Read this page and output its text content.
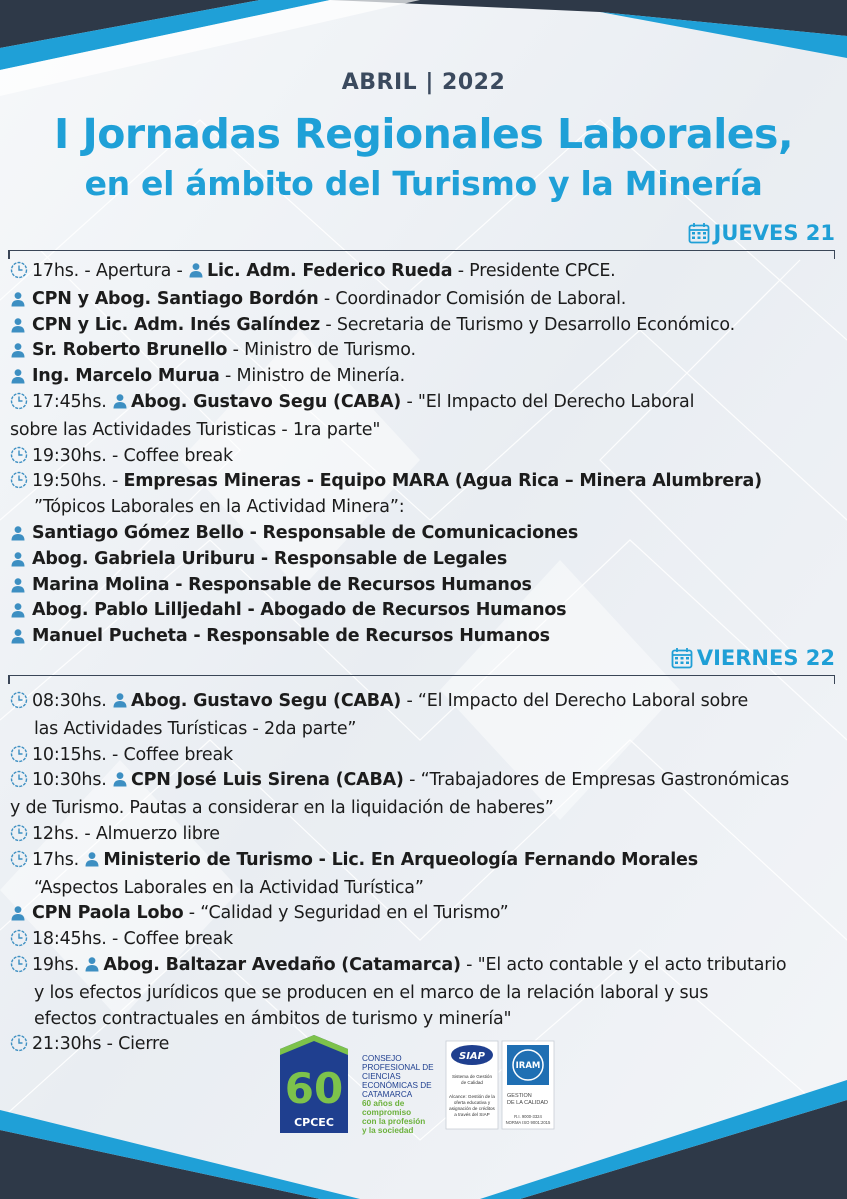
ABRIL | 2022
I Jornadas Regionales Laborales,
en el ámbito del Turismo y la Minería
JUEVES 21
17hs. - Apertura - Lic. Adm. Federico Rueda - Presidente CPCE.
CPN y Abog. Santiago Bordón - Coordinador Comisión de Laboral.
CPN y Lic. Adm. Inés Galíndez - Secretaria de Turismo y Desarrollo Económico.
Sr. Roberto Brunello - Ministro de Turismo.
Ing. Marcelo Murua - Ministro de Minería.
17:45hs. Abog. Gustavo Segu (CABA) - "El Impacto del Derecho Laboral
sobre las Actividades Turisticas - 1ra parte"
19:30hs. - Coffee break
19:50hs. - Empresas Mineras - Equipo MARA (Agua Rica – Minera Alumbrera)
”Tópicos Laborales en la Actividad Minera”:
Santiago Gómez Bello - Responsable de Comunicaciones
Abog. Gabriela Uriburu - Responsable de Legales
Marina Molina - Responsable de Recursos Humanos
Abog. Pablo Lilljedahl - Abogado de Recursos Humanos
Manuel Pucheta - Responsable de Recursos Humanos
VIERNES 22
08:30hs. Abog. Gustavo Segu (CABA) - “El Impacto del Derecho Laboral sobre
las Actividades Turísticas - 2da parte”
10:15hs. - Coffee break
10:30hs. CPN José Luis Sirena (CABA) - “Trabajadores de Empresas Gastronómicas
y de Turismo. Pautas a considerar en la liquidación de haberes”
12hs. - Almuerzo libre
17hs. Ministerio de Turismo - Lic. En Arqueología Fernando Morales
“Aspectos Laborales en la Actividad Turística”
CPN Paola Lobo - “Calidad y Seguridad en el Turismo”
18:45hs. - Coffee break
19hs. Abog. Baltazar Avedaño (Catamarca) - "El acto contable y el acto tributario
y los efectos jurídicos que se producen en el marco de la relación laboral y sus
efectos contractuales en ámbitos de turismo y minería"
21:30hs - Cierre
60
CPCEC
CONSEJO
PROFESIONAL DE
CIENCIAS
ECONÓMICAS DE
CATAMARCA
60 años de
compromiso
con la profesión
y la sociedad
SIAP
Sistema de Gestión
de Calidad
Alcance: Gestión de la
oferta educativa y
asignación de créditos
a través del SIAP
IRAM
GESTION
DE LA CALIDAD
R.I. 9000-3324
NORMA ISO 9001:2015
